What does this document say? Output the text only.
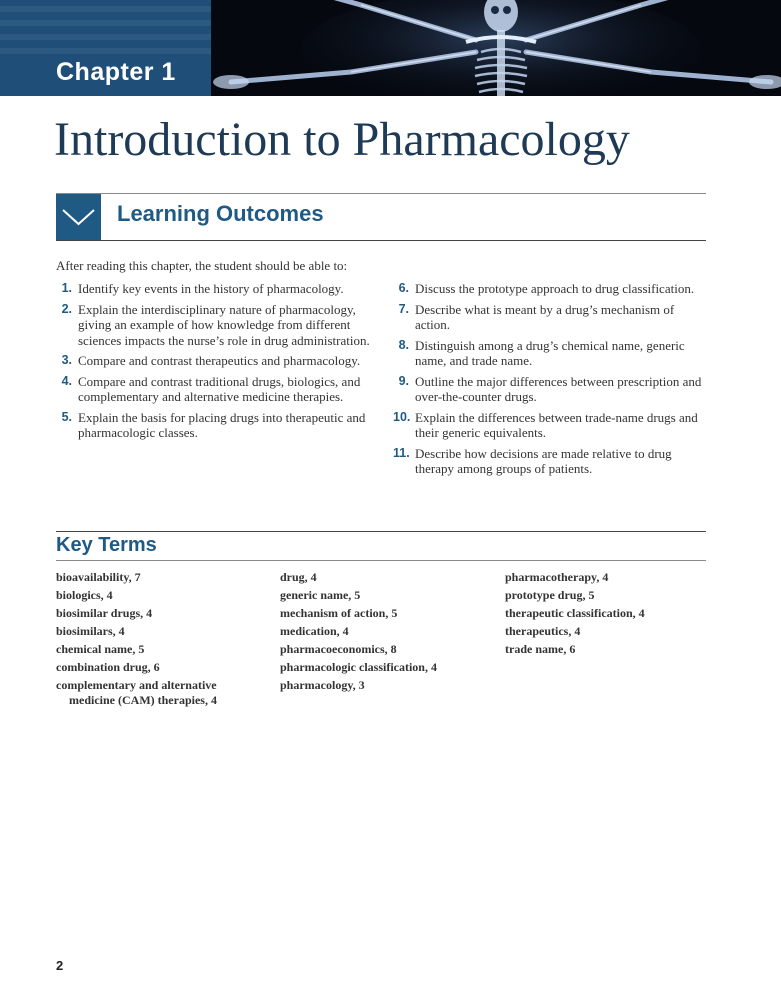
Chapter 1
Introduction to Pharmacology
Learning Outcomes
After reading this chapter, the student should be able to:
1. Identify key events in the history of pharmacology.
2. Explain the interdisciplinary nature of pharmacology, giving an example of how knowledge from different sciences impacts the nurse’s role in drug administration.
3. Compare and contrast therapeutics and pharmacology.
4. Compare and contrast traditional drugs, biologics, and complementary and alternative medicine therapies.
5. Explain the basis for placing drugs into therapeutic and pharmacologic classes.
6. Discuss the prototype approach to drug classification.
7. Describe what is meant by a drug’s mechanism of action.
8. Distinguish among a drug’s chemical name, generic name, and trade name.
9. Outline the major differences between prescription and over-the-counter drugs.
10. Explain the differences between trade-name drugs and their generic equivalents.
11. Describe how decisions are made relative to drug therapy among groups of patients.
Key Terms
bioavailability, 7
biologics, 4
biosimilar drugs, 4
biosimilars, 4
chemical name, 5
combination drug, 6
complementary and alternative
medicine (CAM) therapies, 4
drug, 4
generic name, 5
mechanism of action, 5
medication, 4
pharmacoeconomics, 8
pharmacologic classification, 4
pharmacology, 3
pharmacotherapy, 4
prototype drug, 5
therapeutic classification, 4
therapeutics, 4
trade name, 6
2
